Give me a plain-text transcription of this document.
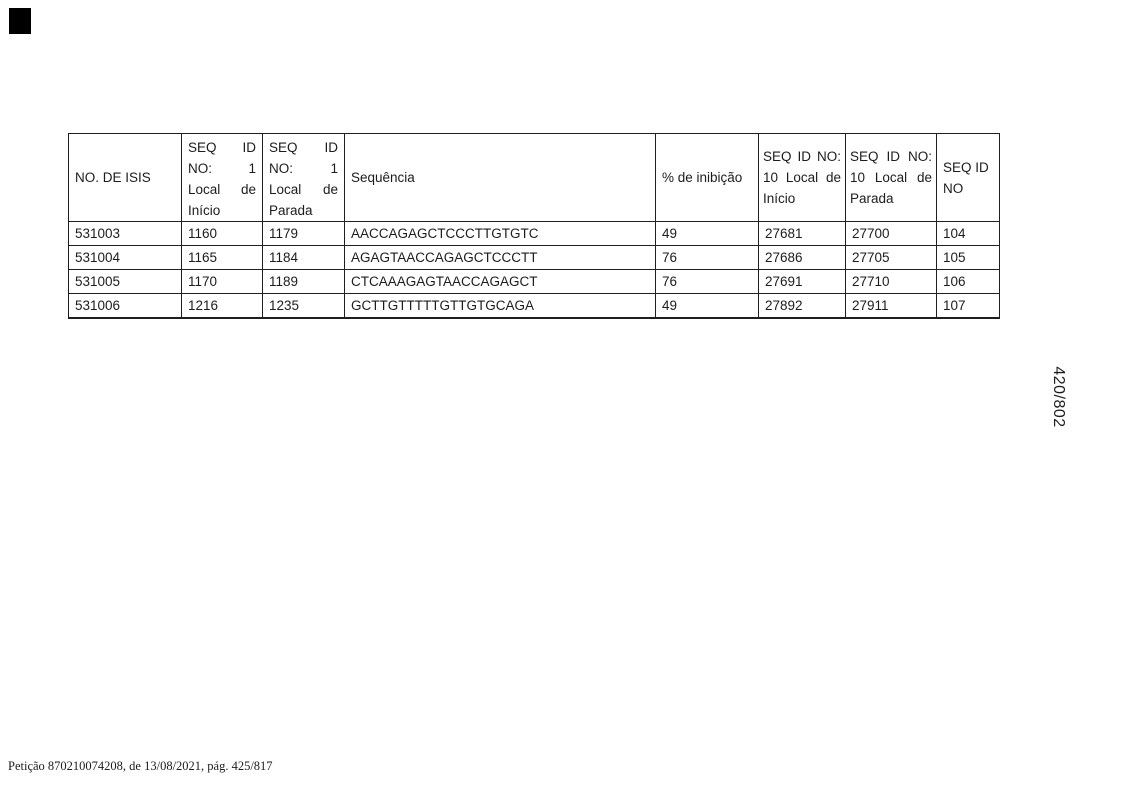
NO. DE ISIS	SEQ ID NO: 1 Local de Início	SEQ ID NO: 1 Local de Parada	Sequência	% de inibição	SEQ ID NO: 10 Local de Início	SEQ ID NO: 10 Local de Parada	SEQ ID NO
531003	1160	1179	AACCAGAGCTCCCTTGTGTC	49	27681	27700	104
531004	1165	1184	AGAGTAACCAGAGCTCCCTT	76	27686	27705	105
531005	1170	1189	CTCAAAGAGTAACCAGAGCT	76	27691	27710	106
531006	1216	1235	GCTTGTTTTTGTTGTGCAGA	49	27892	27911	107
420/802
Petição 870210074208, de 13/08/2021, pág. 425/817
